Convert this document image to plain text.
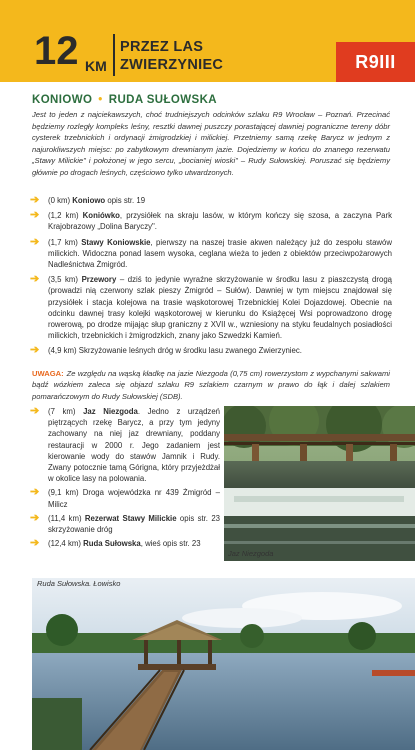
12 KM
PRZEZ LAS
ZWIERZYNIEC	R9III
KONIOWO • RUDA SUŁOWSKA

Jest to jeden z najciekawszych, choć trudniejszych odcinków szlaku R9 Wrocław – Poznań. Przecinać będziemy rozległy kompleks leśny, resztki dawnej puszczy porastającej dawniej pograniczne tereny dóbr cysterek trzebnickich i ordynacji żmigrodzkiej i milickiej. Przetniemy samą rzekę Barycz w jednym z najurokliwszych miejsc: po zabytkowym drewnianym jazie. Dojedziemy w końcu do znanego rezerwatu „Stawy Milickie" i położonej w jego sercu, „bocianiej wioski" – Rudy Sułowskiej. Poruszać się będziemy głównie po drogach leśnych, częściowo tylko utwardzonych.

➔ (0 km) Koniowo opis str. 19
➔ (1,2 km) Koniówko, przysiółek na skraju lasów, w którym kończy się szosa, a zaczyna Park Krajobrazowy „Dolina Baryczy".
➔ (1,7 km) Stawy Koniowskie, pierwszy na naszej trasie akwen należący już do zespołu stawów milickich. Widoczna ponad lasem wysoka, ceglana wieża to jeden z obiektów przeciwpożarowych Nadleśnictwa Żmigród.
➔ (3,5 km) Przewory – dziś to jedynie wyraźne skrzyżowanie w środku lasu z piaszczystą drogą (prowadzi nią czerwony szlak pieszy Żmigród – Sułów). Dawniej w tym miejscu znajdował się przysiółek i stacja kolejowa na trasie wąskotorowej Trzebnickiej Kolei Dojazdowej. Obecnie na odcinku dawnej trasy kolejki wąskotorowej w kierunku do Książęcej Wsi poprowadzono drogę rowerową, po drodze mijając słup graniczny z XVII w., wzniesiony na styku feudalnych posiadłości milickich, trzebnickich i żmigrodzkich, znany jako Szwedzki Kamień.
➔ (4,9 km) Skrzyżowanie leśnych dróg w środku lasu zwanego Zwierzyniec.

UWAGA: Ze względu na wąską kładkę na jazie Niezgoda (0,75 cm) rowerzystom z wypchanymi sakwami bądź wózkiem zaleca się objazd szlaku R9 szlakiem czarnym w prawo do łąk i dalej szlakiem pomarańczowym do Rudy Sułowskiej (SDB).

➔ (7 km) Jaz Niezgoda. Jedno z urządzeń piętrzących rzekę Barycz, a przy tym jedyny zachowany na niej jaz drewniany, poddany restauracji w 2000 r. Jego zadaniem jest kierowanie wody do stawów Jamnik i Rudy. Zwany potocznie tamą Górigna, który przyjeżdżał w okolice lasy na polowania.
➔ (9,1 km) Droga wojewódzka nr 439 Żmigród – Milicz
➔ (11,4 km) Rezerwat Stawy Milickie opis str. 23 skrzyżowanie dróg
➔ (12,4 km) Ruda Sułowska, wieś opis str. 23
Jaz Niezgoda
Ruda Sułowska. Łowisko
